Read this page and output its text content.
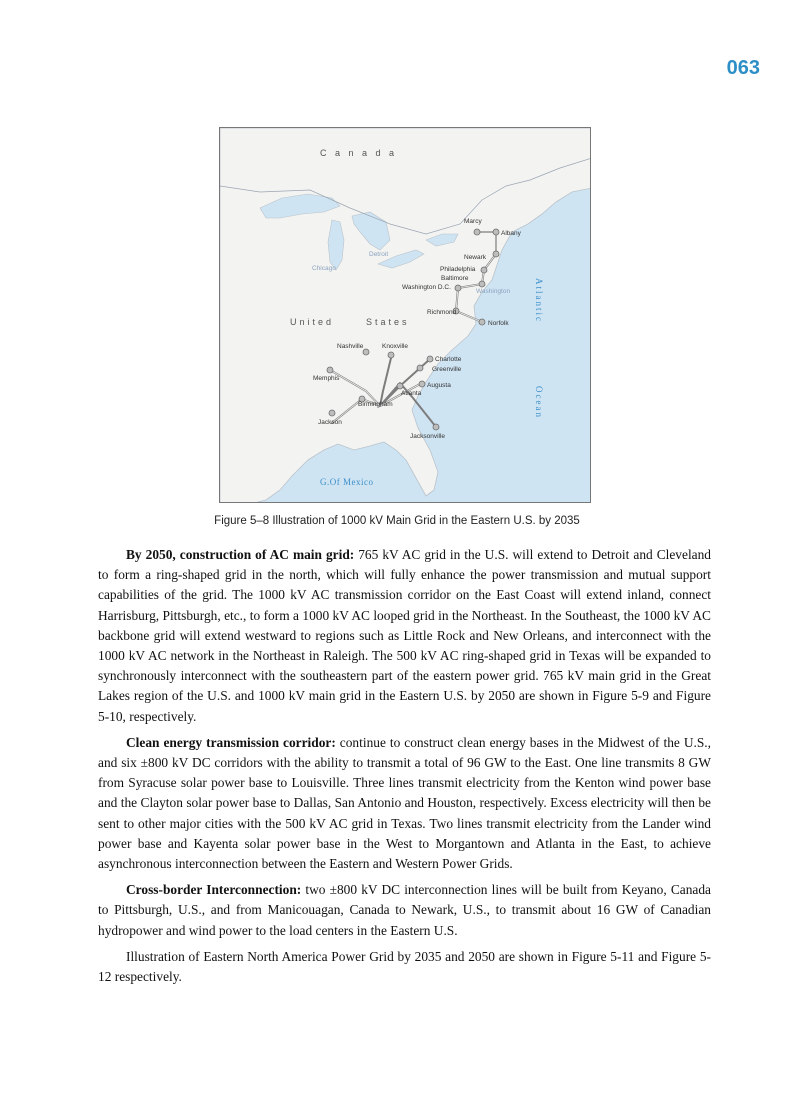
063
C a n a d a
United	States	Atlantic
Ocean
G.Of Mexico
Chicago
Detroit
Washington
Marcy
Albany
Newark
Philadelphia
Baltimore
Washington D.C.
Richmond
Norfolk
Nashville	Knoxville
Charlotte
Greenville
Memphis
Augusta
Atlanta
Birmingham
Jackson
Jacksonville
Figure 5–8 Illustration of 1000 kV Main Grid in the Eastern U.S. by 2035

By 2050, construction of AC main grid: 765 kV AC grid in the U.S. will extend to Detroit and Cleveland to form a ring-shaped grid in the north, which will fully enhance the power transmission and mutual support capabilities of the grid. The 1000 kV AC transmission corridor on the East Coast will extend inland, connect Harrisburg, Pittsburgh, etc., to form a 1000 kV AC looped grid in the Northeast. In the Southeast, the 1000 kV AC backbone grid will extend westward to regions such as Little Rock and New Orleans, and interconnect with the 1000 kV AC network in the Northeast in Raleigh. The 500 kV AC ring-shaped grid in Texas will be expanded to synchronously interconnect with the southeastern part of the eastern power grid. 765 kV main grid in the Great Lakes region of the U.S. and 1000 kV main grid in the Eastern U.S. by 2050 are shown in Figure 5-9 and Figure 5-10, respectively.

Clean energy transmission corridor: continue to construct clean energy bases in the Midwest of the U.S., and six ±800 kV DC corridors with the ability to transmit a total of 96 GW to the East. One line transmits 8 GW from Syracuse solar power base to Louisville. Three lines transmit electricity from the Kenton wind power base and the Clayton solar power base to Dallas, San Antonio and Houston, respectively. Excess electricity will then be sent to other major cities with the 500 kV AC grid in Texas. Two lines transmit electricity from the Lander wind power base and Kayenta solar power base in the West to Morgantown and Atlanta in the East, to achieve asynchronous interconnection between the Eastern and Western Power Grids.

Cross-border Interconnection: two ±800 kV DC interconnection lines will be built from Keyano, Canada to Pittsburgh, U.S., and from Manicouagan, Canada to Newark, U.S., to transmit about 16 GW of Canadian hydropower and wind power to the load centers in the Eastern U.S.

Illustration of Eastern North America Power Grid by 2035 and 2050 are shown in Figure 5-11 and Figure 5-12 respectively.
